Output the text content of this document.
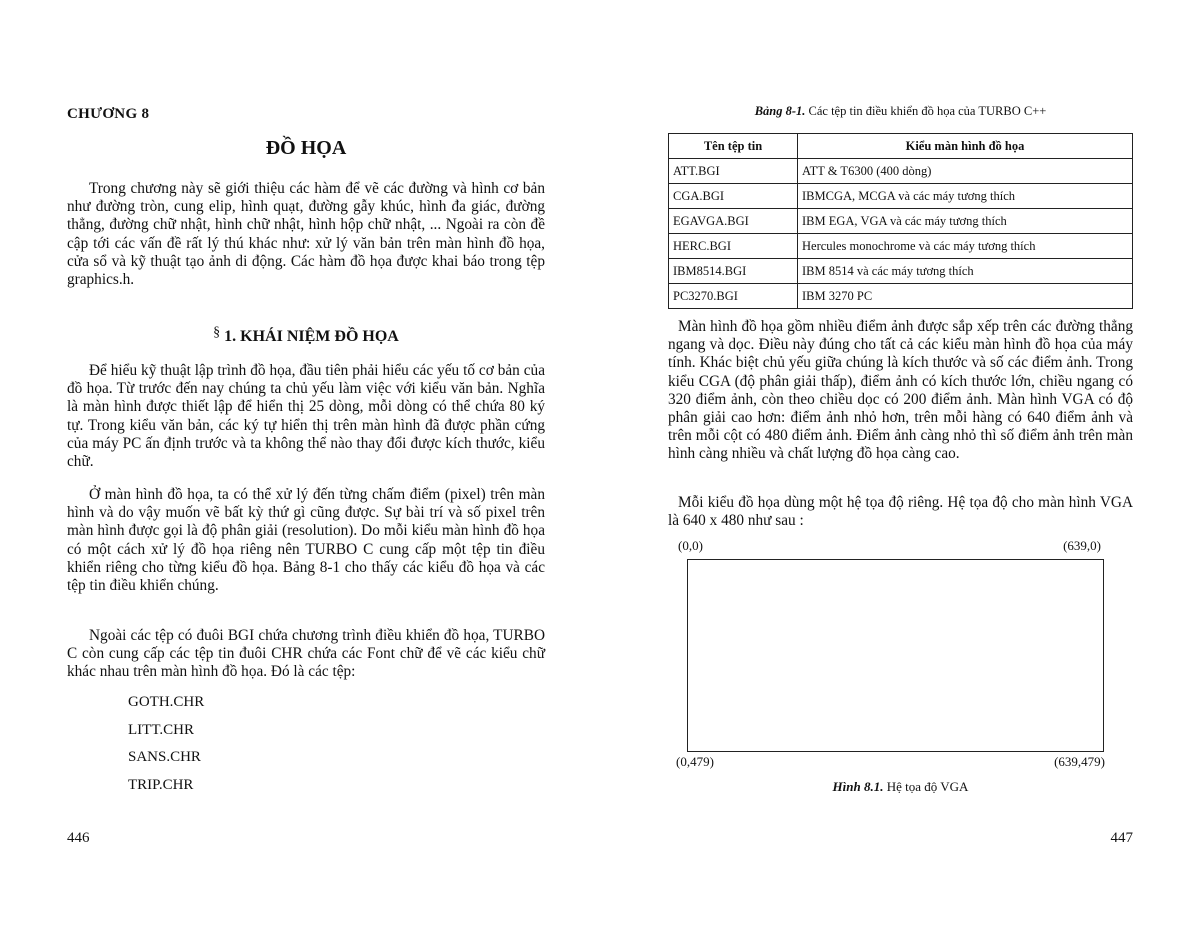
CHƯƠNG 8
ĐỒ HỌA

Trong chương này sẽ giới thiệu các hàm để vẽ các đường và hình cơ bản như đường tròn, cung elip, hình quạt, đường gẫy khúc, hình đa giác, đường thẳng, đường chữ nhật, hình chữ nhật, hình hộp chữ nhật, ... Ngoài ra còn đề cập tới các vấn đề rất lý thú khác như: xử lý văn bản trên màn hình đồ họa, cửa sổ và kỹ thuật tạo ảnh di động. Các hàm đồ họa được khai báo trong tệp graphics.h.

§ 1. KHÁI NIỆM ĐỒ HỌA

Để hiểu kỹ thuật lập trình đồ họa, đầu tiên phải hiểu các yếu tố cơ bản của đồ họa. Từ trước đến nay chúng ta chủ yếu làm việc với kiểu văn bản. Nghĩa là màn hình được thiết lập để hiển thị 25 dòng, mỗi dòng có thể chứa 80 ký tự. Trong kiểu văn bản, các ký tự hiển thị trên màn hình đã được phần cứng của máy PC ấn định trước và ta không thể nào thay đổi được kích thước, kiểu chữ.

Ở màn hình đồ họa, ta có thể xử lý đến từng chấm điểm (pixel) trên màn hình và do vậy muốn vẽ bất kỳ thứ gì cũng được. Sự bài trí và số pixel trên màn hình được gọi là độ phân giải (resolution). Do mỗi kiểu màn hình đồ họa có một cách xử lý đồ họa riêng nên TURBO C cung cấp một tệp tin điều khiển riêng cho từng kiểu đồ họa. Bảng 8-1 cho thấy các kiểu đồ họa và các tệp tin điều khiển chúng.

Ngoài các tệp có đuôi BGI chứa chương trình điều khiển đồ họa, TURBO C còn cung cấp các tệp tin đuôi CHR chứa các Font chữ để vẽ các kiểu chữ khác nhau trên màn hình đồ họa. Đó là các tệp:

GOTH.CHR
LITT.CHR
SANS.CHR
TRIP.CHR
446
Bảng 8-1. Các tệp tin điều khiển đồ họa của TURBO C++
Tên tệp tin	Kiểu màn hình đồ họa
ATT.BGI	ATT & T6300 (400 dòng)
CGA.BGI	IBMCGA, MCGA và các máy tương thích
EGAVGA.BGI	IBM EGA, VGA và các máy tương thích
HERC.BGI	Hercules monochrome và các máy tương thích
IBM8514.BGI	IBM 8514 và các máy tương thích
PC3270.BGI	IBM 3270 PC

Màn hình đồ họa gồm nhiều điểm ảnh được sắp xếp trên các đường thẳng ngang và dọc. Điều này đúng cho tất cả các kiểu màn hình đồ họa của máy tính. Khác biệt chủ yếu giữa chúng là kích thước và số các điểm ảnh. Trong kiểu CGA (độ phân giải thấp), điểm ảnh có kích thước lớn, chiều ngang có 320 điểm ảnh, còn theo chiều dọc có 200 điểm ảnh. Màn hình VGA có độ phân giải cao hơn: điểm ảnh nhỏ hơn, trên mỗi hàng có 640 điểm ảnh và trên mỗi cột có 480 điểm ảnh. Điểm ảnh càng nhỏ thì số điểm ảnh trên màn hình càng nhiều và chất lượng đồ họa càng cao.

Mỗi kiểu đồ họa dùng một hệ tọa độ riêng. Hệ tọa độ cho màn hình VGA là 640 x 480 như sau :

(0,0)	(639,0)
(0,479)	(639,479)
Hình 8.1. Hệ tọa độ VGA
447
